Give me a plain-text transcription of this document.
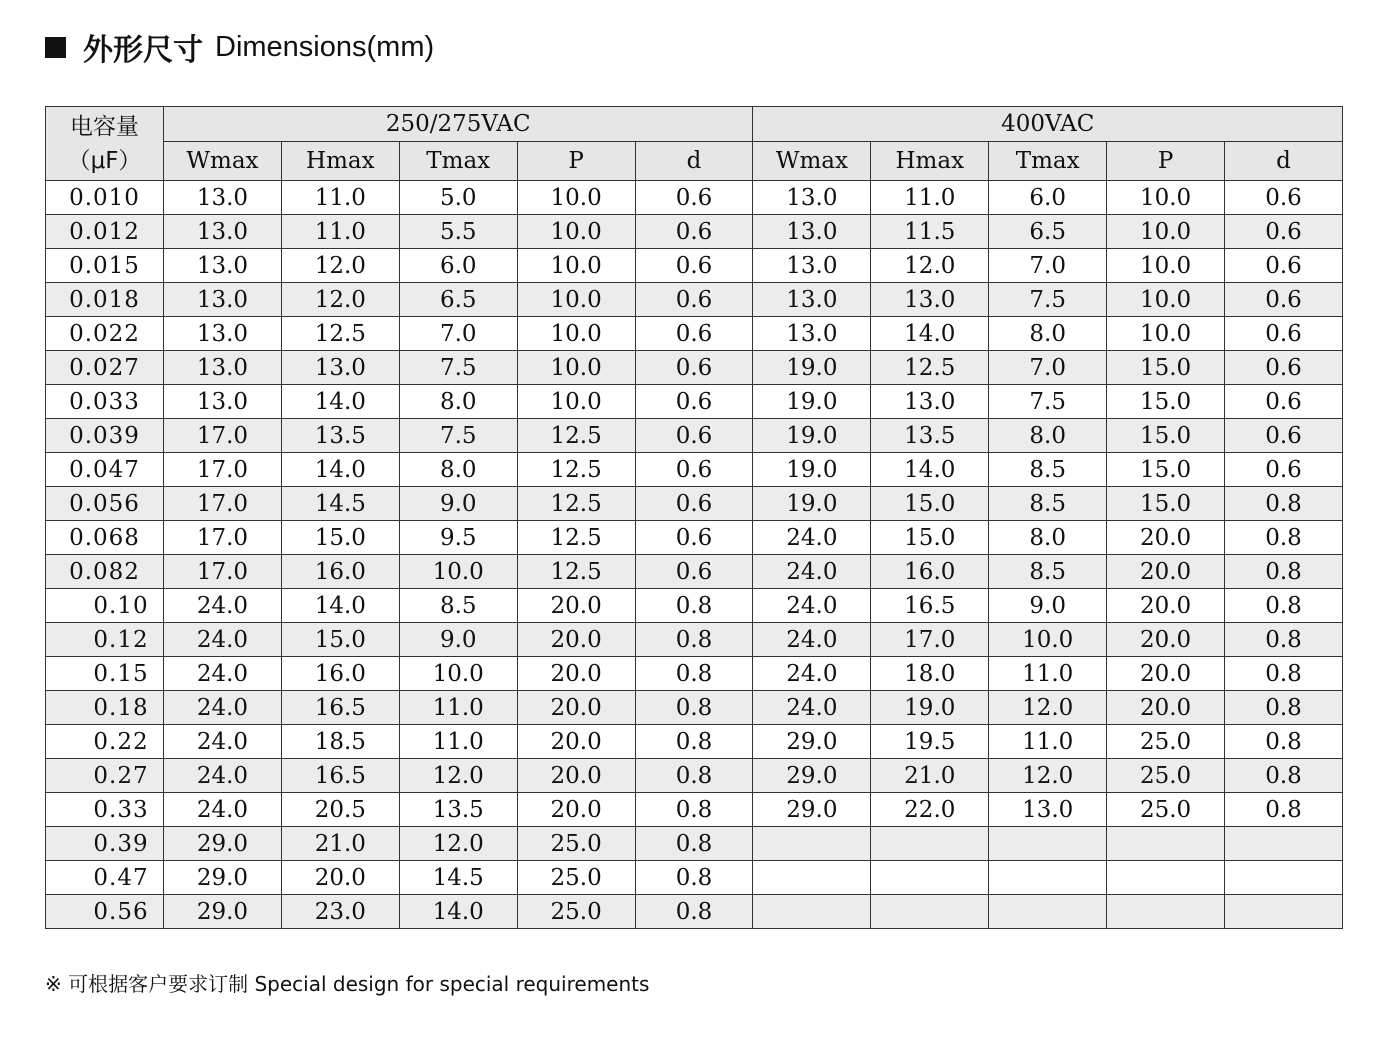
外形尺寸 Dimensions(mm)
电容量
（μF）	250/275VAC					400VAC				
	Wmax	Hmax	Tmax	P	d	Wmax	Hmax	Tmax	P	d
0.010	13.0	11.0	5.0	10.0	0.6	13.0	11.0	6.0	10.0	0.6
0.012	13.0	11.0	5.5	10.0	0.6	13.0	11.5	6.5	10.0	0.6
0.015	13.0	12.0	6.0	10.0	0.6	13.0	12.0	7.0	10.0	0.6
0.018	13.0	12.0	6.5	10.0	0.6	13.0	13.0	7.5	10.0	0.6
0.022	13.0	12.5	7.0	10.0	0.6	13.0	14.0	8.0	10.0	0.6
0.027	13.0	13.0	7.5	10.0	0.6	19.0	12.5	7.0	15.0	0.6
0.033	13.0	14.0	8.0	10.0	0.6	19.0	13.0	7.5	15.0	0.6
0.039	17.0	13.5	7.5	12.5	0.6	19.0	13.5	8.0	15.0	0.6
0.047	17.0	14.0	8.0	12.5	0.6	19.0	14.0	8.5	15.0	0.6
0.056	17.0	14.5	9.0	12.5	0.6	19.0	15.0	8.5	15.0	0.8
0.068	17.0	15.0	9.5	12.5	0.6	24.0	15.0	8.0	20.0	0.8
0.082	17.0	16.0	10.0	12.5	0.6	24.0	16.0	8.5	20.0	0.8
0.10	24.0	14.0	8.5	20.0	0.8	24.0	16.5	9.0	20.0	0.8
0.12	24.0	15.0	9.0	20.0	0.8	24.0	17.0	10.0	20.0	0.8
0.15	24.0	16.0	10.0	20.0	0.8	24.0	18.0	11.0	20.0	0.8
0.18	24.0	16.5	11.0	20.0	0.8	24.0	19.0	12.0	20.0	0.8
0.22	24.0	18.5	11.0	20.0	0.8	29.0	19.5	11.0	25.0	0.8
0.27	24.0	16.5	12.0	20.0	0.8	29.0	21.0	12.0	25.0	0.8
0.33	24.0	20.5	13.5	20.0	0.8	29.0	22.0	13.0	25.0	0.8
0.39	29.0	21.0	12.0	25.0	0.8					
0.47	29.0	20.0	14.5	25.0	0.8					
0.56	29.0	23.0	14.0	25.0	0.8					
※ 可根据客户要求订制 Special design for special requirements
